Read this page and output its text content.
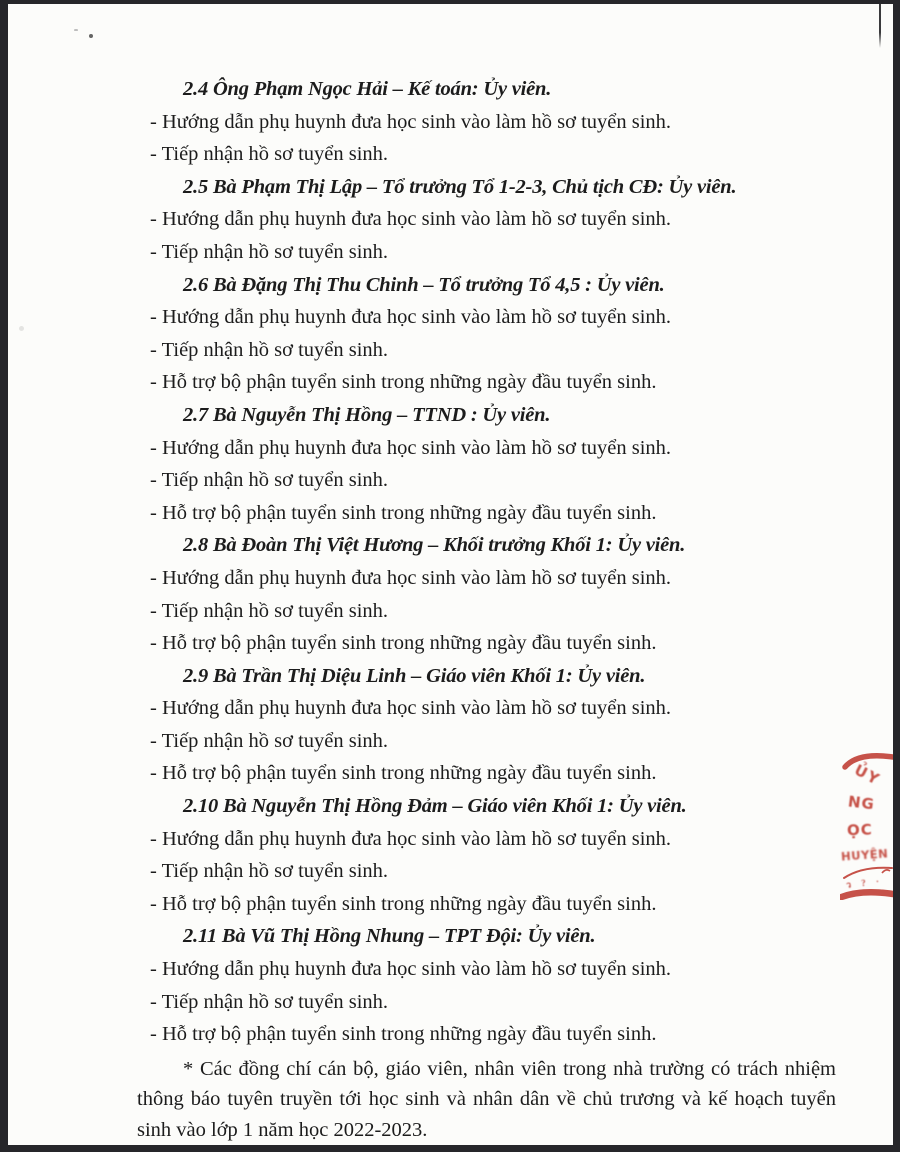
2.4 Ông Phạm Ngọc Hải – Kế toán: Ủy viên.
- Hướng dẫn phụ huynh đưa học sinh vào làm hồ sơ tuyển sinh.
- Tiếp nhận hồ sơ tuyển sinh.
2.5 Bà Phạm Thị Lập – Tổ trưởng Tổ 1-2-3, Chủ tịch CĐ: Ủy viên.
- Hướng dẫn phụ huynh đưa học sinh vào làm hồ sơ tuyển sinh.
- Tiếp nhận hồ sơ tuyển sinh.
2.6 Bà Đặng Thị Thu Chinh – Tổ trưởng Tổ 4,5 : Ủy viên.
- Hướng dẫn phụ huynh đưa học sinh vào làm hồ sơ tuyển sinh.
- Tiếp nhận hồ sơ tuyển sinh.
- Hỗ trợ bộ phận tuyển sinh trong những ngày đầu tuyển sinh.
2.7 Bà Nguyễn Thị Hồng – TTND : Ủy viên.
- Hướng dẫn phụ huynh đưa học sinh vào làm hồ sơ tuyển sinh.
- Tiếp nhận hồ sơ tuyển sinh.
- Hỗ trợ bộ phận tuyển sinh trong những ngày đầu tuyển sinh.
2.8 Bà Đoàn Thị Việt Hương – Khối trưởng Khối 1: Ủy viên.
- Hướng dẫn phụ huynh đưa học sinh vào làm hồ sơ tuyển sinh.
- Tiếp nhận hồ sơ tuyển sinh.
- Hỗ trợ bộ phận tuyển sinh trong những ngày đầu tuyển sinh.
2.9 Bà Trần Thị Diệu Linh – Giáo viên Khối 1: Ủy viên.
- Hướng dẫn phụ huynh đưa học sinh vào làm hồ sơ tuyển sinh.
- Tiếp nhận hồ sơ tuyển sinh.
- Hỗ trợ bộ phận tuyển sinh trong những ngày đầu tuyển sinh.
2.10 Bà Nguyễn Thị Hồng Đảm – Giáo viên Khối 1: Ủy viên.
- Hướng dẫn phụ huynh đưa học sinh vào làm hồ sơ tuyển sinh.
- Tiếp nhận hồ sơ tuyển sinh.
- Hỗ trợ bộ phận tuyển sinh trong những ngày đầu tuyển sinh.
2.11 Bà Vũ Thị Hồng Nhung – TPT Đội: Ủy viên.
- Hướng dẫn phụ huynh đưa học sinh vào làm hồ sơ tuyển sinh.
- Tiếp nhận hồ sơ tuyển sinh.
- Hỗ trợ bộ phận tuyển sinh trong những ngày đầu tuyển sinh.

* Các đồng chí cán bộ, giáo viên, nhân viên trong nhà trường có trách nhiệm thông báo tuyên truyền tới học sinh và nhân dân về chủ trương và kế hoạch tuyển sinh vào lớp 1 năm học 2022-2023.

ỦY
NG
ỌC
HUYỆN
ว ? ·
